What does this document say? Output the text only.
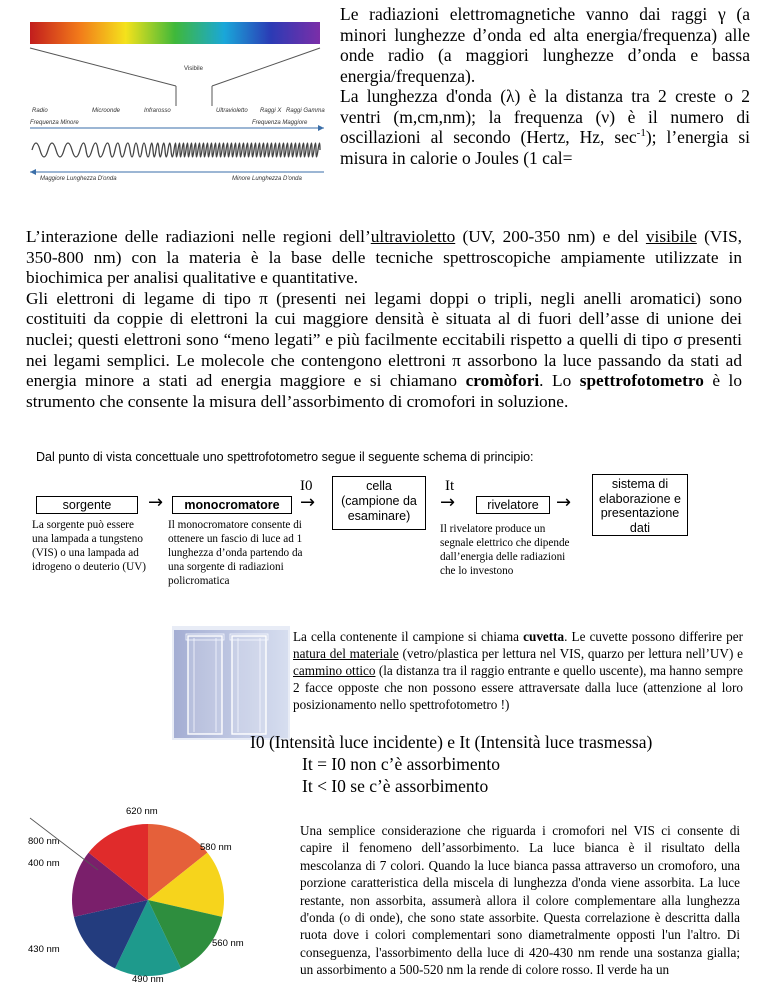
Visibile
Radio	Microonde	Infrarosso	Ultravioletto Raggi X Raggi Gamma
Frequenza Minore	Frequenza Maggiore
Maggiore Lunghezza D'onda	Minore Lunghezza D'onda
Le radiazioni elettromagnetiche vanno dai raggi γ (a minori lunghezze d’onda ed alta energia/frequenza) alle onde radio (a maggiori lunghezze d’onda e bassa energia/frequenza).
La lunghezza d'onda (λ) è la distanza tra 2 creste o 2 ventri (m,cm,nm); la frequenza (ν) è il numero di oscillazioni al secondo (Hertz, Hz, $\sec^{-1}$); l’energia si misura in calorie o Joules (1 cal=

L’interazione delle radiazioni nelle regioni dell’ultravioletto (UV, 200-350 nm) e del visibile (VIS, 350-800 nm) con la materia è la base delle tecniche spettroscopiche ampiamente utilizzate in biochimica per analisi qualitative e quantitative.

Gli elettroni di legame di tipo π (presenti nei legami doppi o tripli, negli anelli aromatici) sono costituiti da coppie di elettroni la cui maggiore densità è situata al di fuori dell’asse di unione dei nuclei; questi elettroni sono “meno legati” e più facilmente eccitabili rispetto a quelli di tipo σ presenti nei legami semplici. Le molecole che contengono elettroni π assorbono la luce passando da stati ad energia minore a stati ad energia maggiore e si chiamano cromòfori. Lo spettrofotometro è lo strumento che consente la misura dell’assorbimento di cromofori in soluzione.

Dal punto di vista concettuale uno spettrofotometro segue il seguente schema di principio:
sorgente	→	monocromatore	→
I0	cella
(campione da esaminare)
It
→	rivelatore →
sistema di elaborazione e presentazione dati
La sorgente può essere una lampada a tungsteno (VIS) o una lampada ad idrogeno o deuterio (UV)
Il monocromatore consente di ottenere un fascio di luce ad 1 lunghezza d’onda partendo da una sorgente di radiazioni policromatica
Il rivelatore produce un segnale elettrico che dipende dall’energia delle radiazioni che lo investono
La cella contenente il campione si chiama cuvetta. Le cuvette possono differire per natura del materiale (vetro/plastica per lettura nel VIS, quarzo per lettura nell’UV) e cammino ottico (la distanza tra il raggio entrante e quello uscente), ma hanno sempre 2 facce opposte che non possono essere attraversate dalla luce (attenzione al loro posizionamento nello spettrofotometro !)
I0 (Intensità luce incidente) e It (Intensità luce trasmessa)
It = I0 non c’è assorbimento
It < I0 se c’è assorbimento
620 nm
580 nm
560 nm
490 nm
430 nm
400 nm
800 nm
Una semplice considerazione che riguarda i cromofori nel VIS ci consente di capire il fenomeno dell’assorbimento. La luce bianca è il risultato della mescolanza di 7 colori. Quando la luce bianca passa attraverso un cromoforo, una porzione caratteristica della miscela di lunghezza d'onda viene assorbita. La luce restante, non assorbita, assumerà allora il colore complementare alla lunghezza d'onda (o di onde), che sono state assorbite. Questa correlazione è descritta dalla ruota dove i colori complementari sono diametralmente opposti l'un l'altro. Di conseguenza, l'assorbimento della luce di 420-430 nm rende una sostanza gialla; un assorbimento a 500-520 nm la rende di colore rosso. Il verde ha un
